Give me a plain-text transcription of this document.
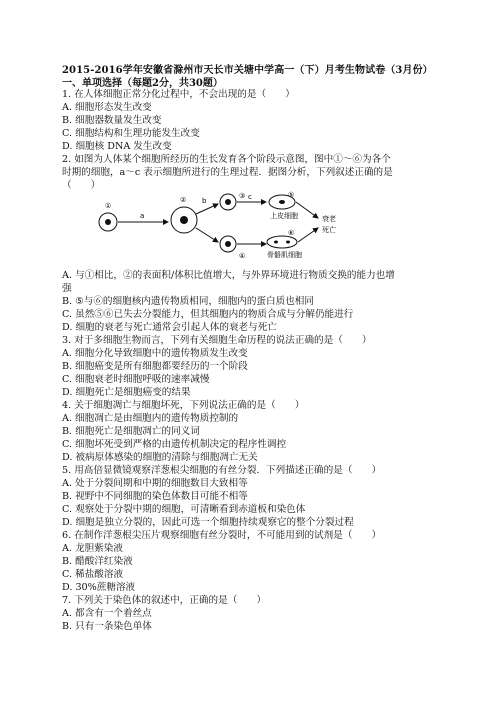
2015-2016学年安徽省滁州市天长市关塘中学高一（下）月考生物试卷（3月份）
一、单项选择（每题2分，共30题）
1. 在人体细胞正常分化过程中，不会出现的是（　　）
A. 细胞形态发生改变
B. 细胞器数量发生改变
C. 细胞结构和生理功能发生改变
D. 细胞核 DNA 发生改变
2. 如图为人体某个细胞所经历的生长发育各个阶段示意图，图中①～⑥为各个
时期的细胞，a～c 表示细胞所进行的生理过程．据图分析，下列叙述正确的是
（　　）
A. 与①相比，②的表面积/体积比值增大，与外界环境进行物质交换的能力也增
强
B. ⑤与⑥的细胞核内遗传物质相同，细胞内的蛋白质也相同
C. 虽然⑤⑥已失去分裂能力，但其细胞内的物质合成与分解仍能进行
D. 细胞的衰老与死亡通常会引起人体的衰老与死亡
3. 对于多细胞生物而言，下列有关细胞生命历程的说法正确的是（　　）
A. 细胞分化导致细胞中的遗传物质发生改变
B. 细胞癌变是所有细胞都要经历的一个阶段
C. 细胞衰老时细胞呼吸的速率减慢
D. 细胞死亡是细胞癌变的结果
4. 关于细胞凋亡与细胞坏死，下列说法正确的是（　　）
A. 细胞凋亡是由细胞内的遗传物质控制的
B. 细胞死亡是细胞凋亡的同义词
C. 细胞坏死受到严格的由遗传机制决定的程序性调控
D. 被病原体感染的细胞的清除与细胞凋亡无关
5. 用高倍显微镜观察洋葱根尖细胞的有丝分裂．下列描述正确的是（　　）
A. 处于分裂间期和中期的细胞数目大致相等
B. 视野中不同细胞的染色体数目可能不相等
C. 观察处于分裂中期的细胞，可清晰看到赤道板和染色体
D. 细胞是独立分裂的，因此可选一个细胞持续观察它的整个分裂过程
6. 在制作洋葱根尖压片观察细胞有丝分裂时，不可能用到的试剂是（　　）
A. 龙胆紫染液
B. 醋酸洋红染液
C. 稀盐酸溶液
D. 30%蔗糖溶液
7. 下列关于染色体的叙述中，正确的是（　　）
A. 都含有一个着丝点
B. 只有一条染色单体
①
a
② b
③
④
c	⑤
上皮细胞
⑥
骨骼肌细胞
衰老
死亡
